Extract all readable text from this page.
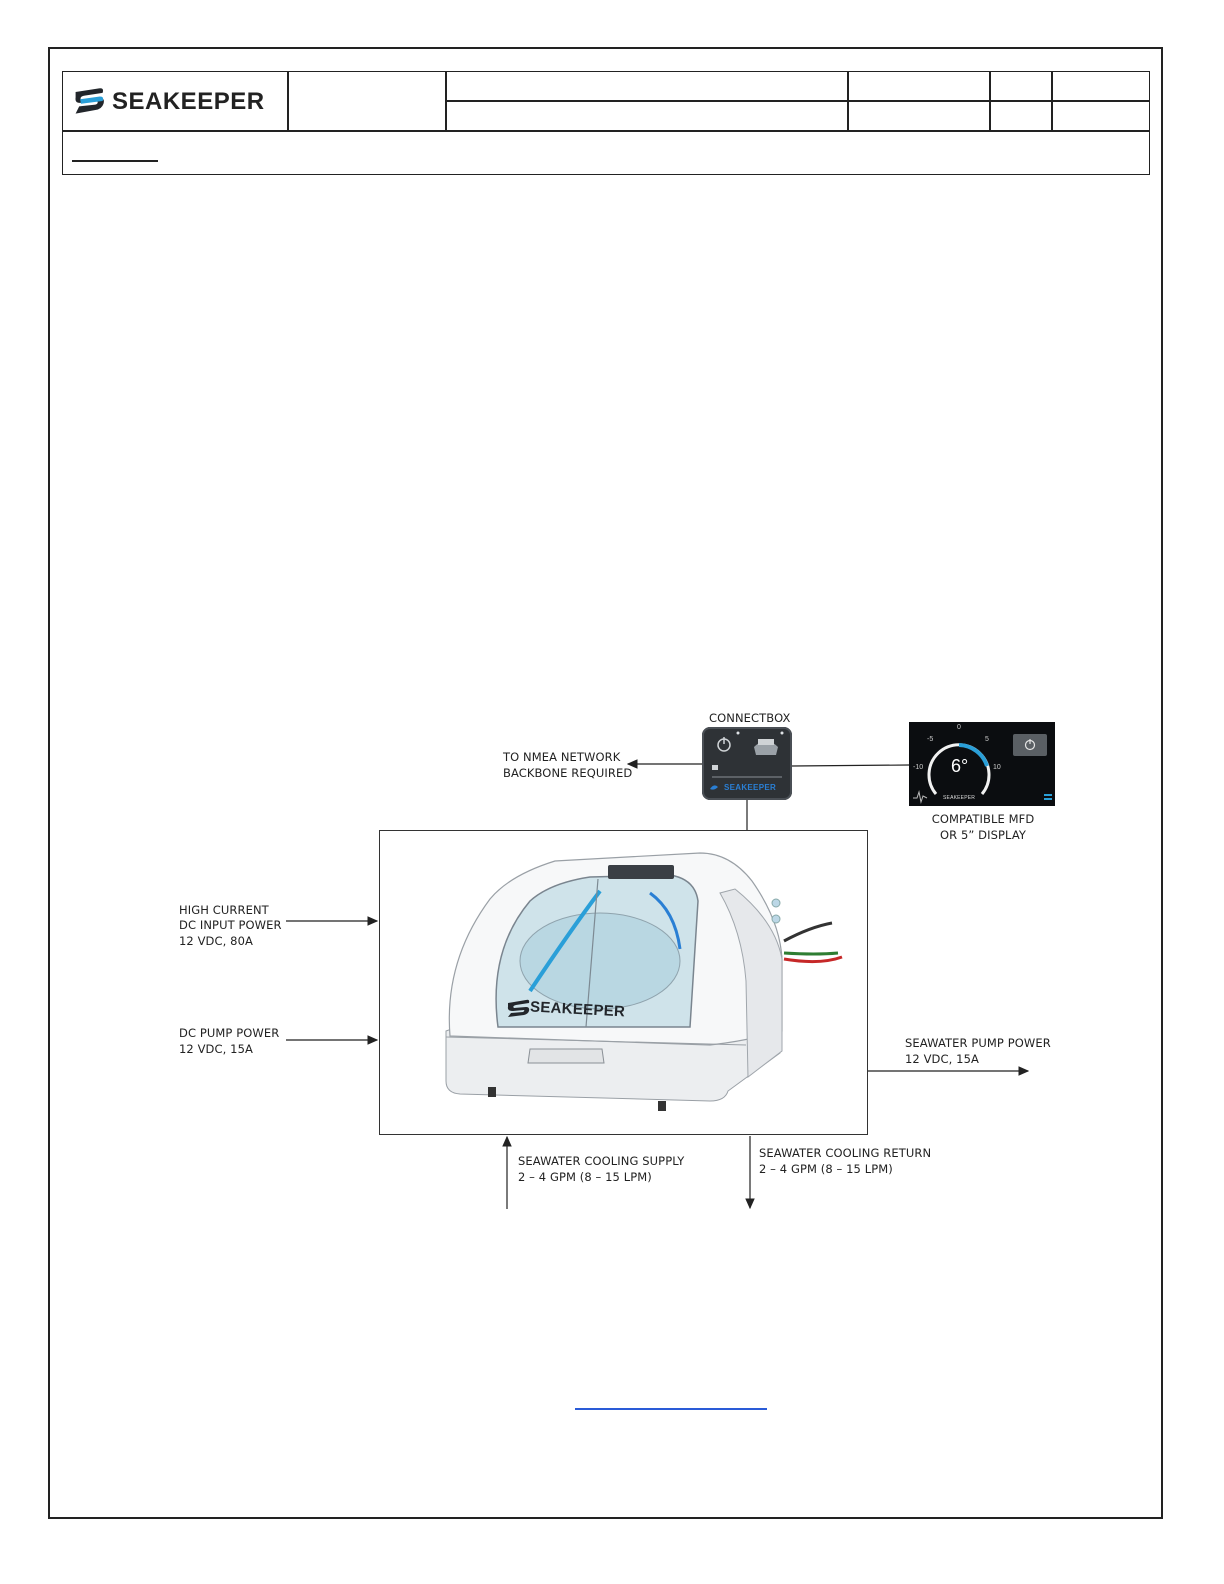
SEAKEEPER
CONNECTBOX
SEAKEEPER
TO NMEA NETWORK
BACKBONE REQUIRED	6°
-5
0
5
-10	10
SEAKEEPER
COMPATIBLE MFD
OR 5” DISPLAY
SEAKEEPER
HIGH CURRENT
DC INPUT POWER
12 VDC, 80A
DC PUMP POWER
12 VDC, 15A	SEAWATER PUMP POWER
12 VDC, 15A
SEAWATER COOLING SUPPLY
2 – 4 GPM (8 – 15 LPM)
SEAWATER COOLING RETURN
2 – 4 GPM (8 – 15 LPM)
